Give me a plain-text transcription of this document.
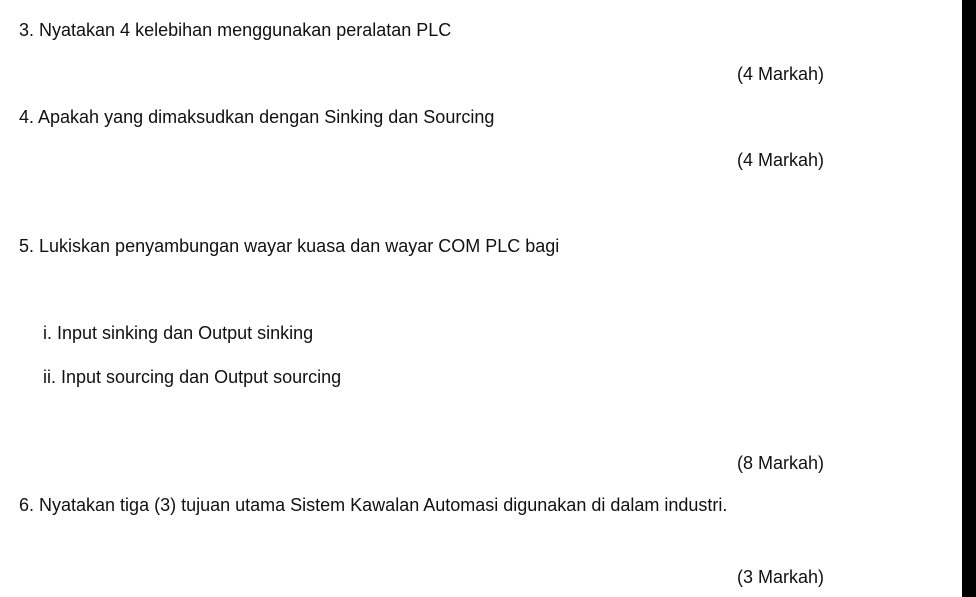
3. Nyatakan 4 kelebihan menggunakan peralatan PLC
(4 Markah)
4. Apakah yang dimaksudkan dengan Sinking dan Sourcing
(4 Markah)
5. Lukiskan penyambungan wayar kuasa dan wayar COM PLC bagi
i. Input sinking dan Output sinking
ii. Input sourcing dan Output sourcing
(8 Markah)
6. Nyatakan tiga (3) tujuan utama Sistem Kawalan Automasi digunakan di dalam industri.
(3 Markah)
